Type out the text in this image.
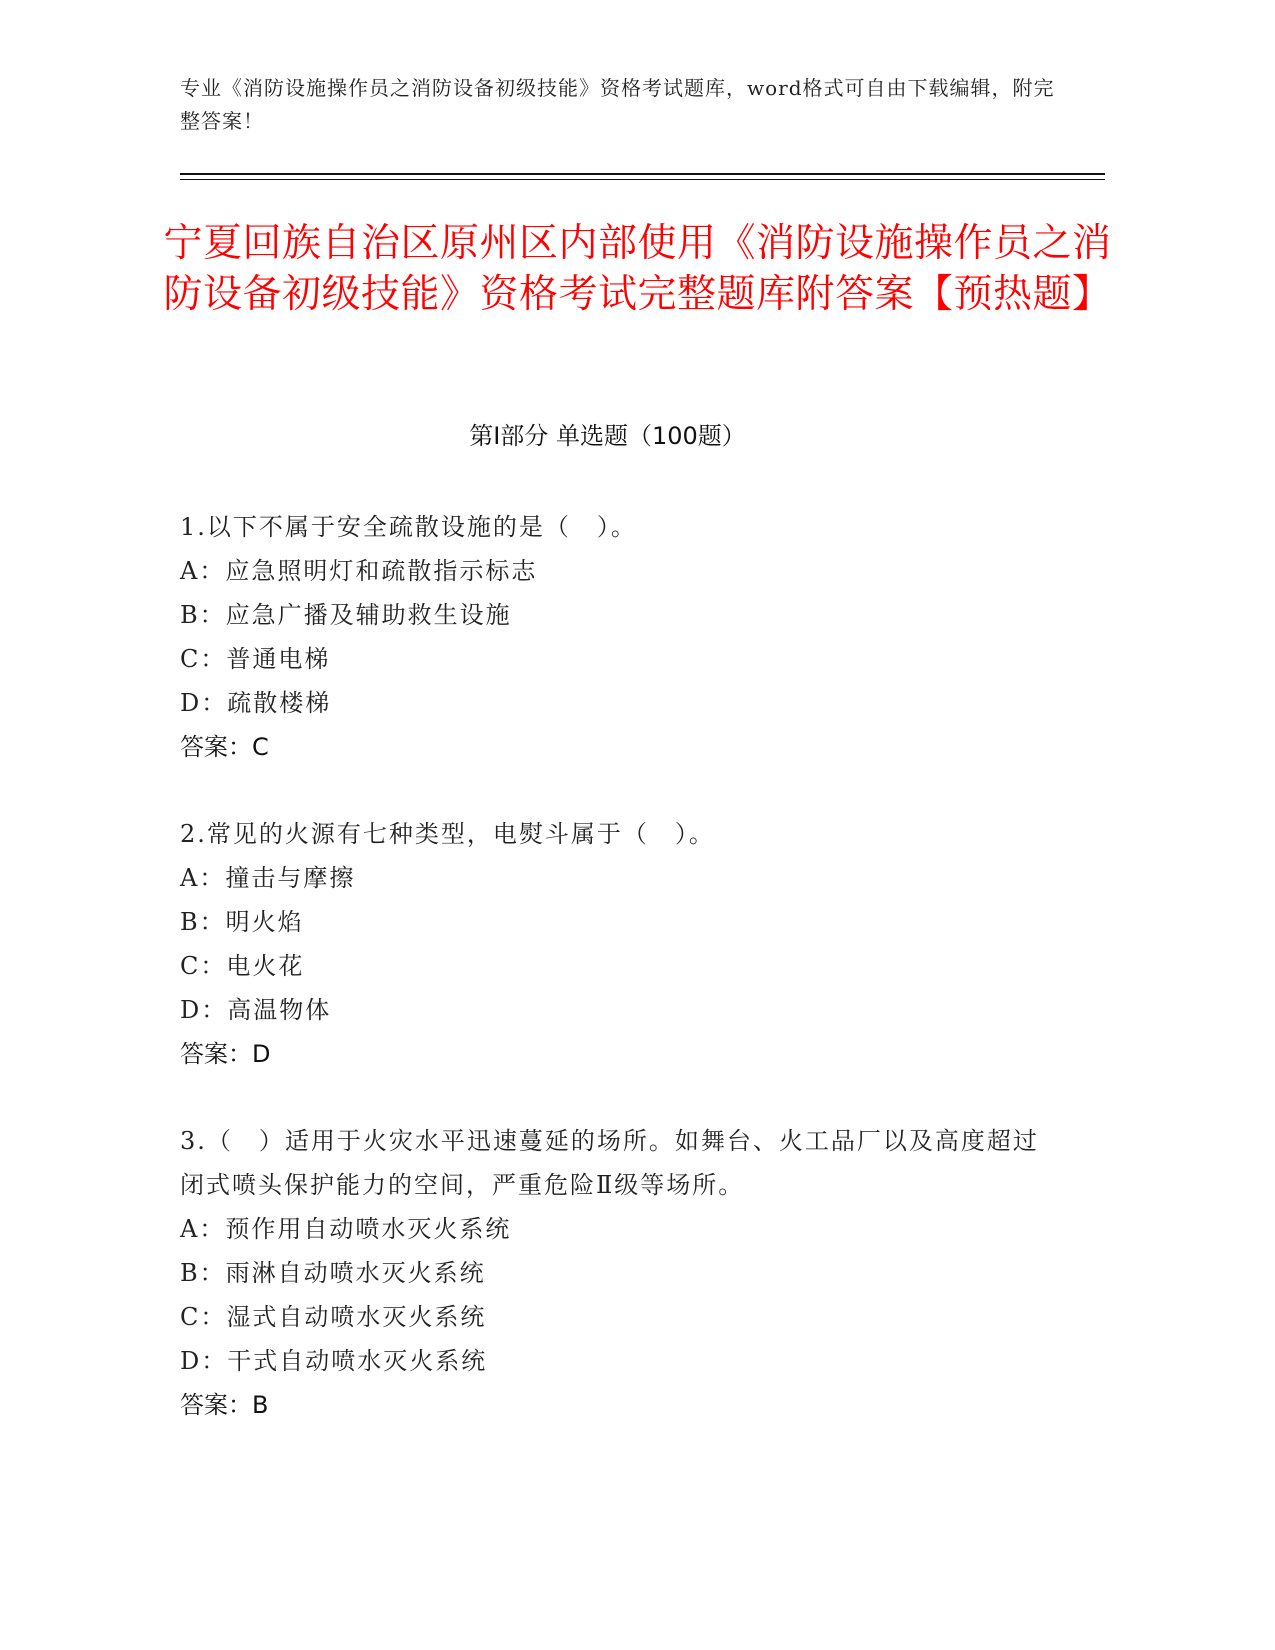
专业《消防设施操作员之消防设备初级技能》资格考试题库，word格式可自由下载编辑，附完整答案！
宁夏回族自治区原州区内部使用《消防设施操作员之消防设备初级技能》资格考试完整题库附答案【预热题】
第Ⅰ部分 单选题（100题）
1.以下不属于安全疏散设施的是（　）。
A：应急照明灯和疏散指示标志
B：应急广播及辅助救生设施
C：普通电梯
D：疏散楼梯
答案：C
2.常见的火源有七种类型，电熨斗属于（　）。
A：撞击与摩擦
B：明火焰
C：电火花
D：高温物体
答案：D
3.（　）适用于火灾水平迅速蔓延的场所。如舞台、火工品厂以及高度超过闭式喷头保护能力的空间，严重危险Ⅱ级等场所。
A：预作用自动喷水灭火系统
B：雨淋自动喷水灭火系统
C：湿式自动喷水灭火系统
D：干式自动喷水灭火系统
答案：B
